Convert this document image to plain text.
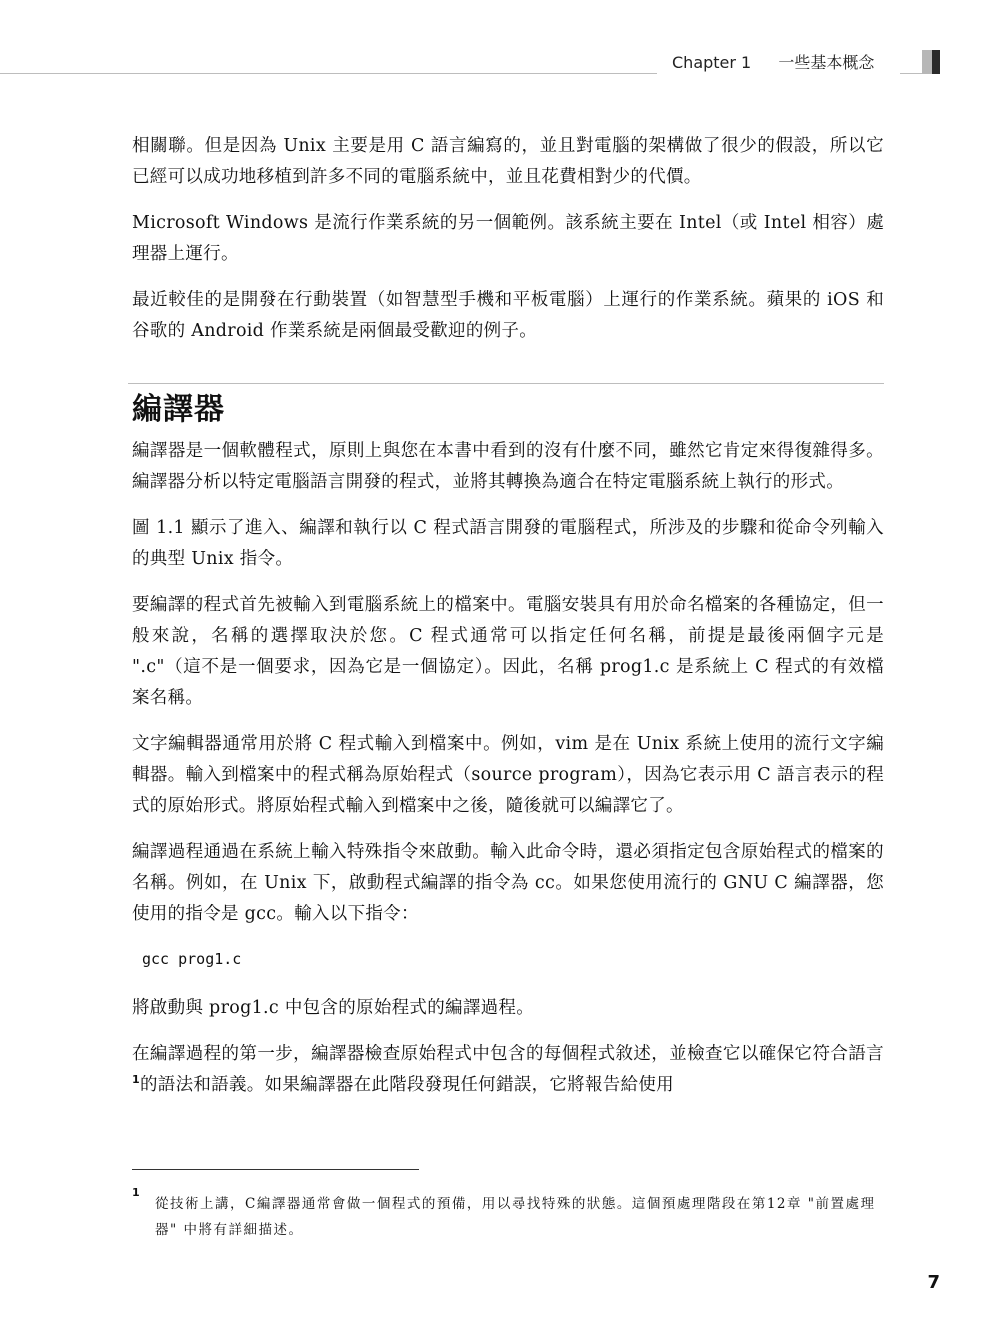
Chapter 1 一些基本概念

相關聯。但是因為 Unix 主要是用 C 語言編寫的，並且對電腦的架構做了很少的假設，所以它已經可以成功地移植到許多不同的電腦系統中，並且花費相對少的代價。

Microsoft Windows 是流行作業系統的另一個範例。該系統主要在 Intel（或 Intel 相容）處理器上運行。

最近較佳的是開發在行動裝置（如智慧型手機和平板電腦）上運行的作業系統。蘋果的 iOS 和谷歌的 Android 作業系統是兩個最受歡迎的例子。

編譯器

編譯器是一個軟體程式，原則上與您在本書中看到的沒有什麼不同，雖然它肯定來得復雜得多。編譯器分析以特定電腦語言開發的程式，並將其轉換為適合在特定電腦系統上執行的形式。

圖 1.1 顯示了進入、編譯和執行以 C 程式語言開發的電腦程式，所涉及的步驟和從命令列輸入的典型 Unix 指令。

要編譯的程式首先被輸入到電腦系統上的檔案中。電腦安裝具有用於命名檔案的各種協定，但一般來說，名稱的選擇取決於您。C 程式通常可以指定任何名稱，前提是最後兩個字元是 ".c"（這不是一個要求，因為它是一個協定）。因此，名稱 prog1.c 是系統上 C 程式的有效檔案名稱。

文字編輯器通常用於將 C 程式輸入到檔案中。例如，vim 是在 Unix 系統上使用的流行文字編輯器。輸入到檔案中的程式稱為原始程式（source program），因為它表示用 C 語言表示的程式的原始形式。將原始程式輸入到檔案中之後，隨後就可以編譯它了。

編譯過程通過在系統上輸入特殊指令來啟動。輸入此命令時，還必須指定包含原始程式的檔案的名稱。例如，在 Unix 下，啟動程式編譯的指令為 cc。如果您使用流行的 GNU C 編譯器，您使用的指令是 gcc。輸入以下指令：

gcc prog1.c

將啟動與 prog1.c 中包含的原始程式的編譯過程。

在編譯過程的第一步，編譯器檢查原始程式中包含的每個程式敘述，並檢查它以確保它符合語言$^1$的語法和語義。如果編譯器在此階段發現任何錯誤，它將報告給使用

1
從技術上講，C編譯器通常會做一個程式的預備，用以尋找特殊的狀態。這個預處理階段在第12章 "前置處理器" 中將有詳細描述。
7
